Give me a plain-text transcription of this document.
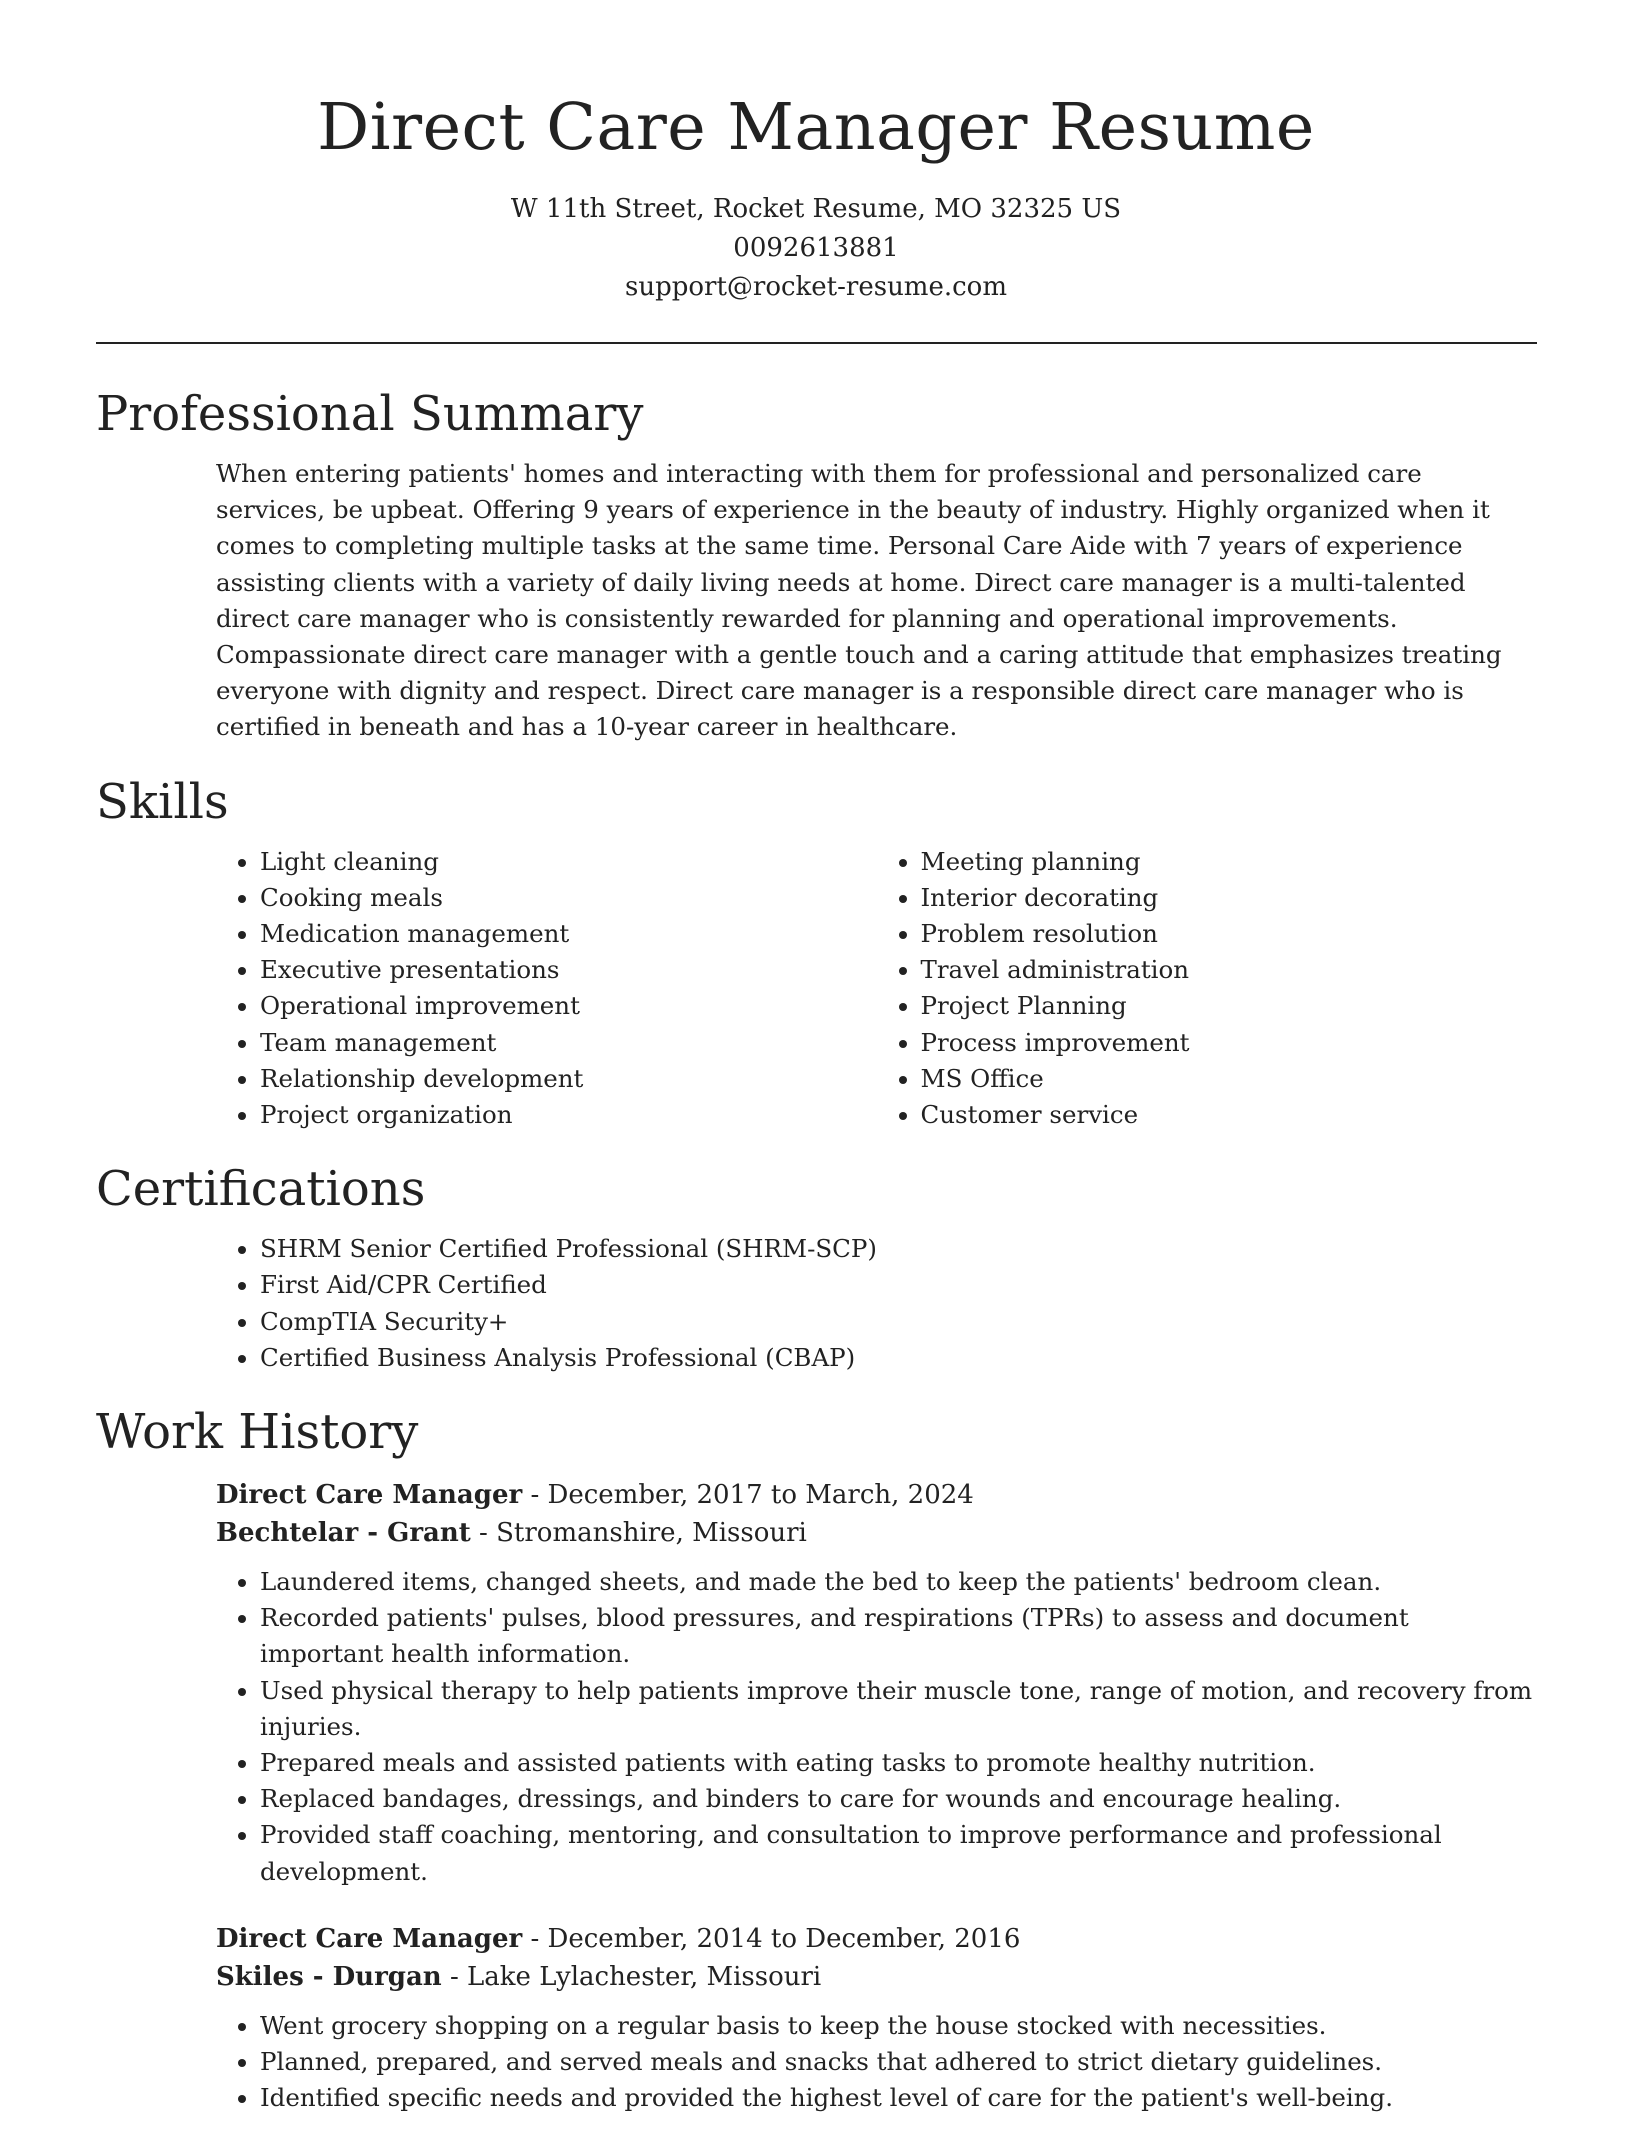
Direct Care Manager Resume
W 11th Street, Rocket Resume, MO 32325 US
0092613881
support@rocket-resume.com
Professional Summary

When entering patients' homes and interacting with them for professional and personalized care services, be upbeat. Offering 9 years of experience in the beauty of industry. Highly organized when it comes to completing multiple tasks at the same time. Personal Care Aide with 7 years of experience assisting clients with a variety of daily living needs at home. Direct care manager is a multi-talented direct care manager who is consistently rewarded for planning and operational improvements. Compassionate direct care manager with a gentle touch and a caring attitude that emphasizes treating everyone with dignity and respect. Direct care manager is a responsible direct care manager who is certified in beneath and has a 10-year career in healthcare.

Skills
• Light cleaning
• Cooking meals
• Medication management
• Executive presentations
• Operational improvement
• Team management
• Relationship development
• Project organization
• Meeting planning
• Interior decorating
• Problem resolution
• Travel administration
• Project Planning
• Process improvement
• MS Office
• Customer service
Certifications
• SHRM Senior Certified Professional (SHRM-SCP)
• First Aid/CPR Certified
• CompTIA Security+
• Certified Business Analysis Professional (CBAP)
Work History
Direct Care Manager - December, 2017 to March, 2024
Bechtelar - Grant - Stromanshire, Missouri
• Laundered items, changed sheets, and made the bed to keep the patients' bedroom clean.
• Recorded patients' pulses, blood pressures, and respirations (TPRs) to assess and document important health information.
• Used physical therapy to help patients improve their muscle tone, range of motion, and recovery from injuries.
• Prepared meals and assisted patients with eating tasks to promote healthy nutrition.
• Replaced bandages, dressings, and binders to care for wounds and encourage healing.
• Provided staff coaching, mentoring, and consultation to improve performance and professional development.
Direct Care Manager - December, 2014 to December, 2016
Skiles - Durgan - Lake Lylachester, Missouri
• Went grocery shopping on a regular basis to keep the house stocked with necessities.
• Planned, prepared, and served meals and snacks that adhered to strict dietary guidelines.
• Identified specific needs and provided the highest level of care for the patient's well-being.
